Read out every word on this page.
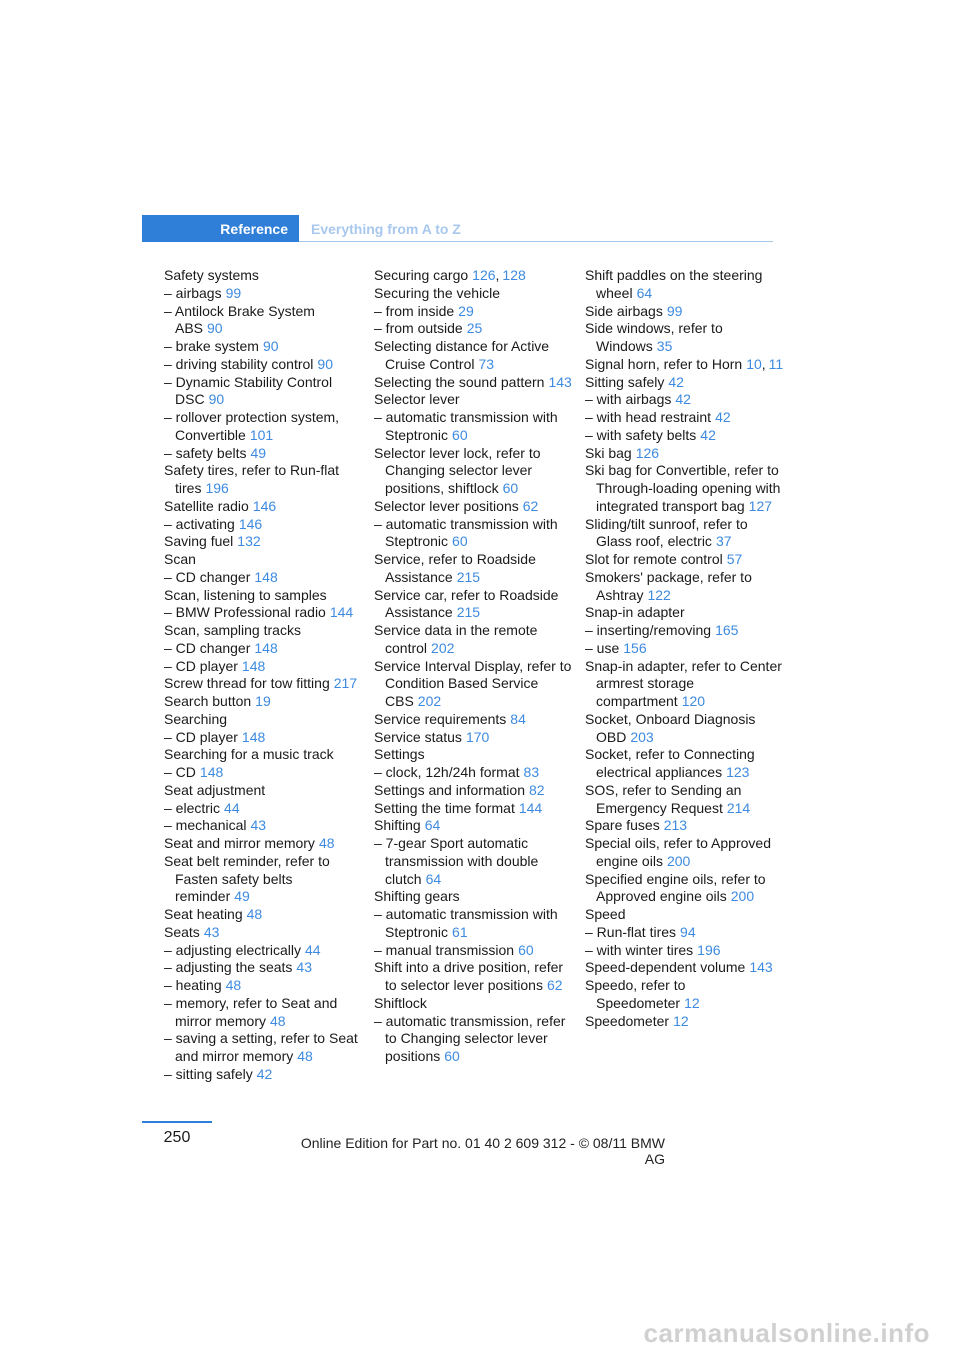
Reference Everything from A to Z
Safety systems
– airbags 99
– Antilock Brake System ABS 90
– brake system 90
– driving stability control 90
– Dynamic Stability Control DSC 90
– rollover protection system, Convertible 101
– safety belts 49
Safety tires, refer to Run-flat tires 196
Satellite radio 146
– activating 146
Saving fuel 132
Scan
– CD changer 148
Scan, listening to samples
– BMW Professional radio 144
Scan, sampling tracks
– CD changer 148
– CD player 148
Screw thread for tow fitting 217
Search button 19
Searching
– CD player 148
Searching for a music track
– CD 148
Seat adjustment
– electric 44
– mechanical 43
Seat and mirror memory 48
Seat belt reminder, refer to Fasten safety belts reminder 49
Seat heating 48
Seats 43
– adjusting electrically 44
– adjusting the seats 43
– heating 48
– memory, refer to Seat and mirror memory 48
– saving a setting, refer to Seat and mirror memory 48
– sitting safely 42
Securing cargo 126, 128
Securing the vehicle
– from inside 29
– from outside 25
Selecting distance for Active Cruise Control 73
Selecting the sound pattern 143
Selector lever
– automatic transmission with Steptronic 60
Selector lever lock, refer to Changing selector lever positions, shiftlock 60
Selector lever positions 62
– automatic transmission with Steptronic 60
Service, refer to Roadside Assistance 215
Service car, refer to Roadside Assistance 215
Service data in the remote control 202
Service Interval Display, refer to Condition Based Service CBS 202
Service requirements 84
Service status 170
Settings
– clock, 12h/24h format 83
Settings and information 82
Setting the time format 144
Shifting 64
– 7-gear Sport automatic transmission with double clutch 64
Shifting gears
– automatic transmission with Steptronic 61
– manual transmission 60
Shift into a drive position, refer to selector lever positions 62
Shiftlock
– automatic transmission, refer to Changing selector lever positions 60
Shift paddles on the steering wheel 64
Side airbags 99
Side windows, refer to Windows 35
Signal horn, refer to Horn 10, 11
Sitting safely 42
– with airbags 42
– with head restraint 42
– with safety belts 42
Ski bag 126
Ski bag for Convertible, refer to Through-loading opening with integrated transport bag 127
Sliding/tilt sunroof, refer to Glass roof, electric 37
Slot for remote control 57
Smokers' package, refer to Ashtray 122
Snap-in adapter
– inserting/removing 165
– use 156
Snap-in adapter, refer to Center armrest storage compartment 120
Socket, Onboard Diagnosis OBD 203
Socket, refer to Connecting electrical appliances 123
SOS, refer to Sending an Emergency Request 214
Spare fuses 213
Special oils, refer to Approved engine oils 200
Specified engine oils, refer to Approved engine oils 200
Speed
– Run-flat tires 94
– with winter tires 196
Speed-dependent volume 143
Speedo, refer to Speedometer 12
Speedometer 12
250	Online Edition for Part no. 01 40 2 609 312 - © 08/11 BMW AG
carmanualsonline.info
